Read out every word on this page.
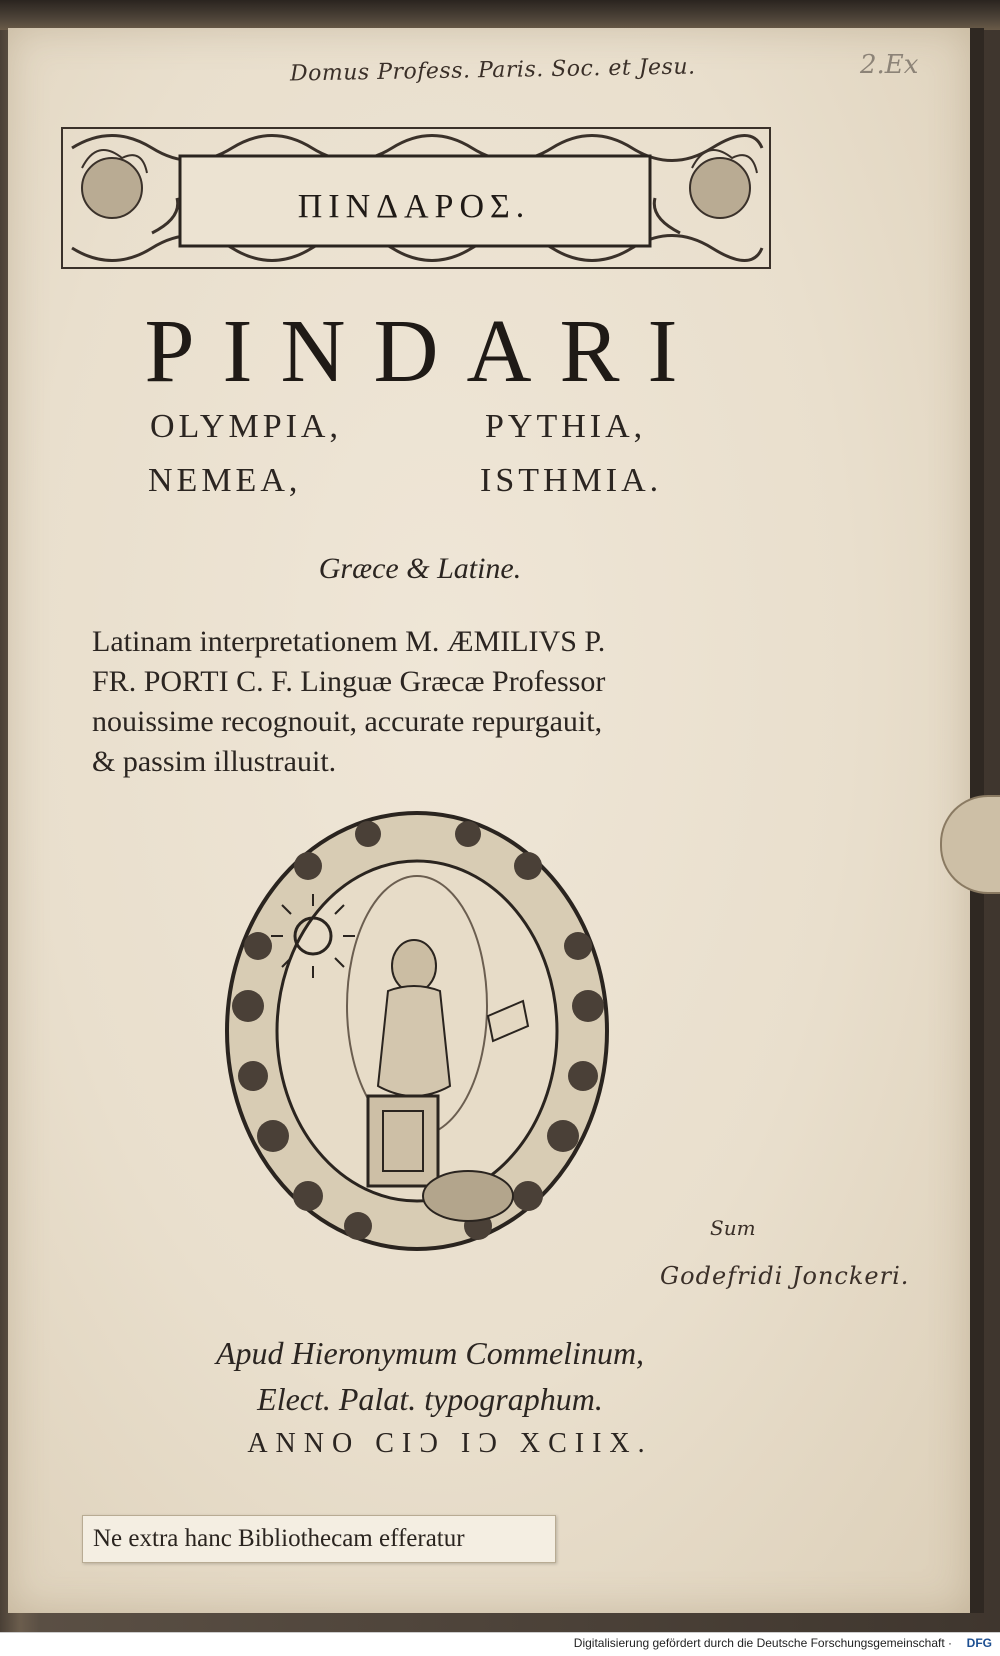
Domus Profess. Paris. Soc. et Jesu.	2.Ex
ΠΙΝΔΑΡΟΣ.
PINDARI
OLYMPIA,	PYTHIA,
NEMEA,	ISTHMIA.
Græce & Latine.
Latinam interpretationem M. ÆMILIVS P.
FR. PORTI C. F. Linguæ Græcæ Professor
nouissime recognouit, accurate repurgauit,
& passim illustrauit.
Sum
Godefridi Jonckeri.
Apud Hieronymum Commelinum,
Elect. Palat. typographum.
ANNO CIƆ IƆ XCIIX.
Ne extra hanc Bibliothecam efferatur
Digitalisierung gefördert durch die Deutsche Forschungsgemeinschaft · DFG
